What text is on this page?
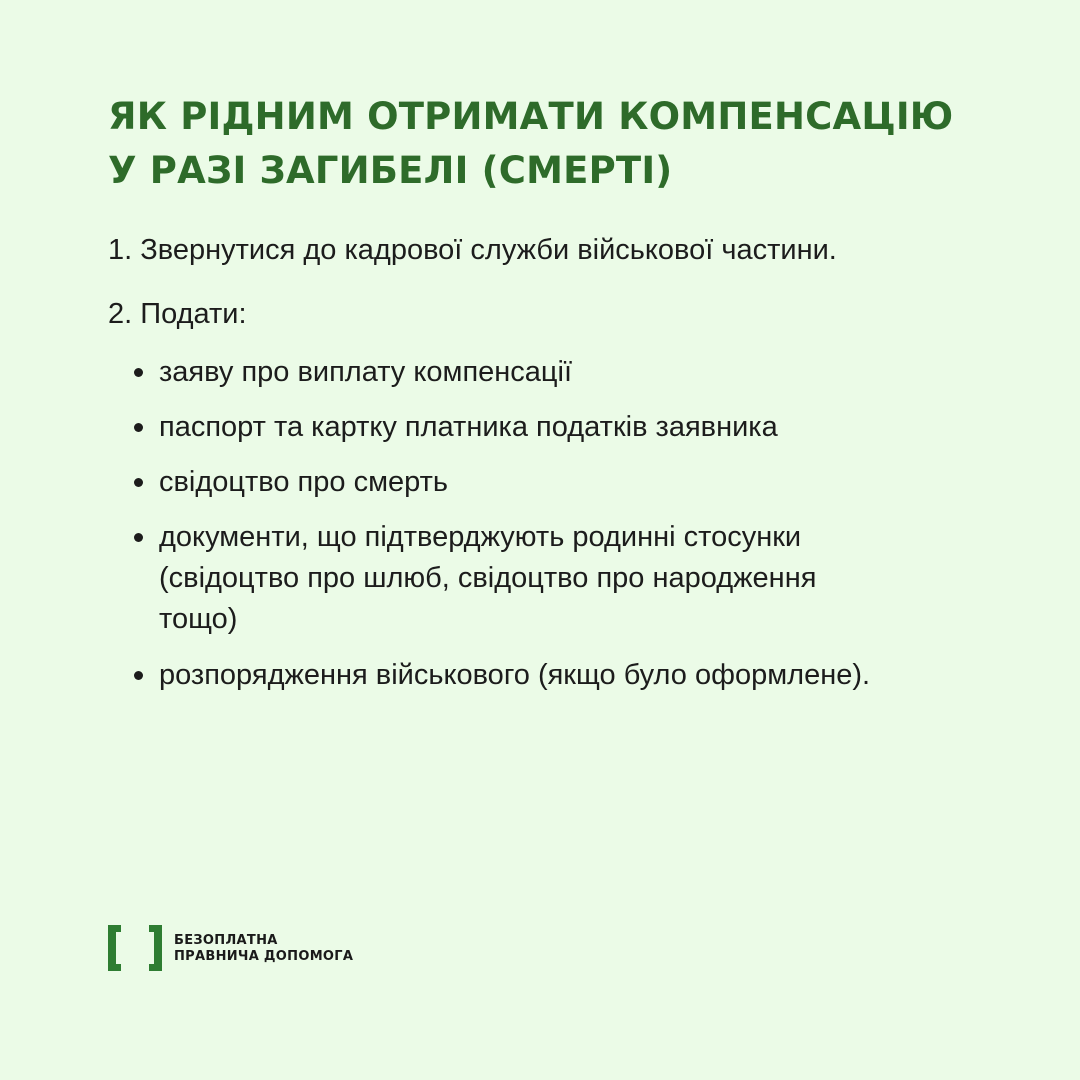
ЯК РІДНИМ ОТРИМАТИ КОМПЕНСАЦІЮ
У РАЗІ ЗАГИБЕЛІ (СМЕРТІ)

1. Звернутися до кадрової служби військової частини.

2. Подати:

заяву про виплату компенсації
паспорт та картку платника податків заявника
свідоцтво про смерть
документи, що підтверджують родинні стосунки
(свідоцтво про шлюб, свідоцтво про народження
тощо)
розпорядження військового (якщо було оформлене).
БЕЗОПЛАТНА
ПРАВНИЧА ДОПОМОГА
